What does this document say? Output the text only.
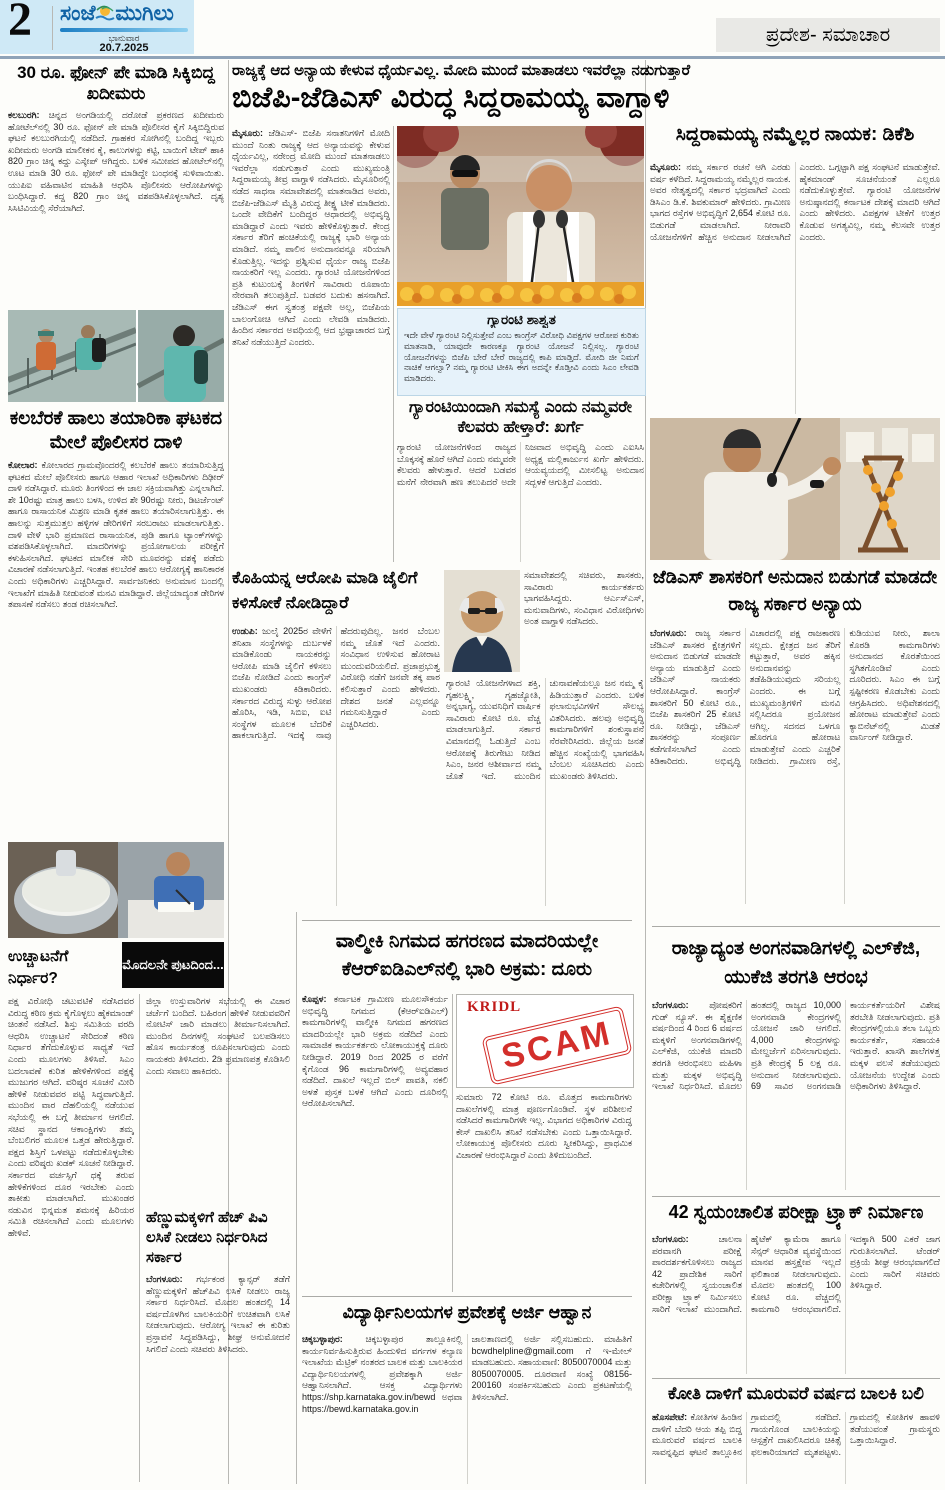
2 ಸಂಜೆ ಮುಗಿಲು
ಭಾನುವಾರ
20.7.2025
ಪ್ರದೇಶ- ಸಮಾಚಾರ
30 ರೂ. ಫೋನ್ ಪೇ ಮಾಡಿ ಸಿಕ್ಕಿಬಿದ್ದ ಖದೀಮರು
ಕಲಬುರಗಿ: ಚಿನ್ನದ ಅಂಗಡಿಯಲ್ಲಿ ದರೋಡೆ ಪ್ರಕರಣದ ಖದೀಮರು ಹೋಟೆಲ್‌ನಲ್ಲಿ 30 ರೂ. ಫೋನ್ ಪೇ ಮಾಡಿ ಪೊಲೀಸರ ಕೈಗೆ ಸಿಕ್ಕಿಬಿದ್ದಿರುವ ಘಟನೆ ಕಲಬುರಗಿಯಲ್ಲಿ ನಡೆದಿದೆ. ಗ್ರಾಹಕರ ಸೋಗಿನಲ್ಲಿ ಬಂದಿದ್ದ ಇಬ್ಬರು ಖದೀಮರು ಅಂಗಡಿ ಮಾಲೀಕನ ಕೈ, ಕಾಲುಗಳನ್ನು ಕಟ್ಟಿ, ಬಾಯಿಗೆ ಟೇಪ್ ಹಾಕಿ 820 ಗ್ರಾಂ ಚಿನ್ನ ಕದ್ದು ಎಸ್ಕೇಪ್ ಆಗಿದ್ದರು. ಬಳಿಕ ಸಮೀಪದ ಹೋಟೆಲ್‌ನಲ್ಲಿ ಊಟ ಮಾಡಿ 30 ರೂ. ಫೋನ್ ಪೇ ಮಾಡಿದ್ದೇ ಬಂಧನಕ್ಕೆ ಸುಳಿವಾಯಿತು. ಯುಪಿಐ ವಹಿವಾಟಿನ ಮಾಹಿತಿ ಆಧರಿಸಿ ಪೊಲೀಸರು ಆರೋಪಿಗಳನ್ನು ಬಂಧಿಸಿದ್ದಾರೆ. ಕದ್ದ 820 ಗ್ರಾಂ ಚಿನ್ನ ವಶಪಡಿಸಿಕೊಳ್ಳಲಾಗಿದೆ. ದೃಶ್ಯ ಸಿಸಿಟಿವಿಯಲ್ಲಿ ಸೆರೆಯಾಗಿದೆ.
ಕಲಬೆರಕೆ ಹಾಲು ತಯಾರಿಕಾ ಘಟಕದ ಮೇಲೆ ಪೊಲೀಸರ ದಾಳಿ
ಕೋಲಾರ: ಕೋಲಾರದ ಗ್ರಾಮವೊಂದರಲ್ಲಿ ಕಲಬೆರಕೆ ಹಾಲು ತಯಾರಿಸುತ್ತಿದ್ದ ಘಟಕದ ಮೇಲೆ ಪೊಲೀಸರು ಹಾಗೂ ಆಹಾರ ಇಲಾಖೆ ಅಧಿಕಾರಿಗಳು ದಿಢೀರ್ ದಾಳಿ ನಡೆಸಿದ್ದಾರೆ. ಮೂರು ತಿಂಗಳಿಂದ ಈ ಜಾಲ ಸಕ್ರಿಯವಾಗಿತ್ತು ಎನ್ನಲಾಗಿದೆ. ಶೇ 10ರಷ್ಟು ಮಾತ್ರ ಹಾಲು ಬಳಸಿ, ಉಳಿದ ಶೇ 90ರಷ್ಟು ನೀರು, ಡಿಟರ್ಜೆಂಟ್ ಹಾಗೂ ರಾಸಾಯನಿಕ ಮಿಶ್ರಣ ಮಾಡಿ ಕೃತಕ ಹಾಲು ತಯಾರಿಸಲಾಗುತ್ತಿತ್ತು. ಈ ಹಾಲನ್ನು ಸುತ್ತಮುತ್ತಲ ಹಳ್ಳಿಗಳ ಡೇರಿಗಳಿಗೆ ಸರಬರಾಜು ಮಾಡಲಾಗುತ್ತಿತ್ತು. ದಾಳಿ ವೇಳೆ ಭಾರಿ ಪ್ರಮಾಣದ ರಾಸಾಯನಿಕ, ಪುಡಿ ಹಾಗೂ ಟ್ಯಾಂಕ್‌ಗಳನ್ನು ವಶಪಡಿಸಿಕೊಳ್ಳಲಾಗಿದೆ. ಮಾದರಿಗಳನ್ನು ಪ್ರಯೋಗಾಲಯ ಪರೀಕ್ಷೆಗೆ ಕಳುಹಿಸಲಾಗಿದೆ. ಘಟಕದ ಮಾಲೀಕ ಸೇರಿ ಮೂವರನ್ನು ವಶಕ್ಕೆ ಪಡೆದು ವಿಚಾರಣೆ ನಡೆಸಲಾಗುತ್ತಿದೆ. ಇಂತಹ ಕಲಬೆರಕೆ ಹಾಲು ಆರೋಗ್ಯಕ್ಕೆ ಹಾನಿಕಾರಕ ಎಂದು ಅಧಿಕಾರಿಗಳು ಎಚ್ಚರಿಸಿದ್ದಾರೆ. ಸಾರ್ವಜನಿಕರು ಅನುಮಾನ ಬಂದಲ್ಲಿ ಇಲಾಖೆಗೆ ಮಾಹಿತಿ ನೀಡುವಂತೆ ಮನವಿ ಮಾಡಿದ್ದಾರೆ. ಜಿಲ್ಲೆಯಾದ್ಯಂತ ಡೇರಿಗಳ ತಪಾಸಣೆ ನಡೆಸಲು ತಂಡ ರಚಿಸಲಾಗಿದೆ.
ಉಚ್ಚಾಟನೆಗೆ ನಿರ್ಧಾರ?
ಮೊದಲನೇ ಪುಟದಿಂದ...
ಪಕ್ಷ ವಿರೋಧಿ ಚಟುವಟಿಕೆ ನಡೆಸಿದವರ ವಿರುದ್ಧ ಕಠಿಣ ಕ್ರಮ ಕೈಗೊಳ್ಳಲು ಹೈಕಮಾಂಡ್ ಚಿಂತನೆ ನಡೆಸಿದೆ. ಶಿಸ್ತು ಸಮಿತಿಯ ವರದಿ ಆಧರಿಸಿ ಉಚ್ಚಾಟನೆ ಸೇರಿದಂತೆ ಕಠಿಣ ನಿರ್ಧಾರ ತೆಗೆದುಕೊಳ್ಳುವ ಸಾಧ್ಯತೆ ಇದೆ ಎಂದು ಮೂಲಗಳು ತಿಳಿಸಿವೆ. ಸಿಎಂ ಬದಲಾವಣೆ ಕುರಿತ ಹೇಳಿಕೆಗಳಿಂದ ಪಕ್ಷಕ್ಕೆ ಮುಜುಗರ ಆಗಿದೆ. ವರಿಷ್ಠರ ಸೂಚನೆ ಮೀರಿ ಹೇಳಿಕೆ ನೀಡುವವರ ಪಟ್ಟಿ ಸಿದ್ಧವಾಗುತ್ತಿದೆ. ಮುಂದಿನ ವಾರ ದೆಹಲಿಯಲ್ಲಿ ನಡೆಯುವ ಸಭೆಯಲ್ಲಿ ಈ ಬಗ್ಗೆ ತೀರ್ಮಾನ ಆಗಲಿದೆ. ಸಚಿವ ಸ್ಥಾನದ ಆಕಾಂಕ್ಷಿಗಳು ತಮ್ಮ ಬೆಂಬಲಿಗರ ಮೂಲಕ ಒತ್ತಡ ಹೇರುತ್ತಿದ್ದಾರೆ. ಪಕ್ಷದ ಶಿಸ್ತಿಗೆ ಒಳಪಟ್ಟು ನಡೆದುಕೊಳ್ಳಬೇಕು ಎಂದು ವರಿಷ್ಠರು ಖಡಕ್ ಸೂಚನೆ ನೀಡಿದ್ದಾರೆ. ಸರ್ಕಾರದ ವರ್ಚಸ್ಸಿಗೆ ಧಕ್ಕೆ ತರುವ ಹೇಳಿಕೆಗಳಿಂದ ದೂರ ಇರಬೇಕು ಎಂದು ತಾಕೀತು ಮಾಡಲಾಗಿದೆ. ಮುಖಂಡರ ನಡುವಿನ ಭಿನ್ನಮತ ಶಮನಕ್ಕೆ ಹಿರಿಯರ ಸಮಿತಿ ರಚಿಸಲಾಗಿದೆ ಎಂದು ಮೂಲಗಳು ಹೇಳಿವೆ.
ಜಿಲ್ಲಾ ಉಸ್ತುವಾರಿಗಳ ಸಭೆಯಲ್ಲಿ ಈ ವಿಚಾರ ಚರ್ಚೆಗೆ ಬಂದಿದೆ. ಬಹಿರಂಗ ಹೇಳಿಕೆ ನೀಡುವವರಿಗೆ ನೋಟಿಸ್ ಜಾರಿ ಮಾಡಲು ತೀರ್ಮಾನಿಸಲಾಗಿದೆ. ಮುಂದಿನ ದಿನಗಳಲ್ಲಿ ಸಂಘಟನೆ ಬಲಪಡಿಸಲು ಹೊಸ ಕಾರ್ಯತಂತ್ರ ರೂಪಿಸಲಾಗುವುದು ಎಂದು ನಾಯಕರು ತಿಳಿಸಿದರು. 2ಡಿ ಪ್ರಮಾಣಪತ್ರ ಕೊಡಿಸಿಲಿ ಎಂದು ಸವಾಲು ಹಾಕಿದರು.
ಹೆಣ್ಣುಮಕ್ಕಳಿಗೆ ಹೆಚ್ ಪಿವಿ ಲಸಿಕೆ ನೀಡಲು ನಿರ್ಧರಿಸಿದ ಸರ್ಕಾರ
ಬೆಂಗಳೂರು: ಗರ್ಭಕಂಠ ಕ್ಯಾನ್ಸರ್ ತಡೆಗೆ ಹೆಣ್ಣುಮಕ್ಕಳಿಗೆ ಹೆಚ್‌ಪಿವಿ ಲಸಿಕೆ ನೀಡಲು ರಾಜ್ಯ ಸರ್ಕಾರ ನಿರ್ಧರಿಸಿದೆ. ಮೊದಲ ಹಂತದಲ್ಲಿ 14 ವರ್ಷದೊಳಗಿನ ಬಾಲಕಿಯರಿಗೆ ಉಚಿತವಾಗಿ ಲಸಿಕೆ ನೀಡಲಾಗುವುದು. ಆರೋಗ್ಯ ಇಲಾಖೆ ಈ ಕುರಿತು ಪ್ರಸ್ತಾವನೆ ಸಿದ್ಧಪಡಿಸಿದ್ದು, ಶೀಘ್ರ ಅನುಮೋದನೆ ಸಿಗಲಿದೆ ಎಂದು ಸಚಿವರು ತಿಳಿಸಿದರು.
ರಾಜ್ಯಕ್ಕೆ ಆದ ಅನ್ಯಾಯ ಕೇಳುವ ಧೈರ್ಯವಿಲ್ಲ. ಮೋದಿ ಮುಂದೆ ಮಾತಾಡಲು ಇವರೆಲ್ಲಾ ನಡುಗುತ್ತಾರೆ
ಬಿಜೆಪಿ-ಜೆಡಿಎಸ್ ವಿರುದ್ಧ ಸಿದ್ದರಾಮಯ್ಯ ವಾಗ್ದಾಳಿ
ಮೈಸೂರು: ಜೆಡಿಎಸ್- ಬಿಜೆಪಿ ಸನಾತನಿಗಳಿಗೆ ಮೋದಿ ಮುಂದೆ ನಿಂತು ರಾಜ್ಯಕ್ಕೆ ಆದ ಅನ್ಯಾಯವನ್ನು ಕೇಳುವ ಧೈರ್ಯವಿಲ್ಲ, ನರೇಂದ್ರ ಮೋದಿ ಮುಂದೆ ಮಾತನಾಡಲು ಇವರೆಲ್ಲಾ ನಡುಗುತ್ತಾರೆ ಎಂದು ಮುಖ್ಯಮಂತ್ರಿ ಸಿದ್ದರಾಮಯ್ಯ ತೀವ್ರ ವಾಗ್ದಾಳಿ ನಡೆಸಿದರು. ಮೈಸೂರಿನಲ್ಲಿ ನಡೆದ ಸಾಧನಾ ಸಮಾವೇಶದಲ್ಲಿ ಮಾತನಾಡಿದ ಅವರು, ಬಿಜೆಪಿ-ಜೆಡಿಎಸ್ ಮೈತ್ರಿ ವಿರುದ್ಧ ತೀಕ್ಷ್ಣ ಟೀಕೆ ಮಾಡಿದರು. ಒಂದೇ ವೇದಿಕೆಗೆ ಬಂದಿದ್ದರ ಆಧಾರದಲ್ಲಿ ಅಭಿವೃದ್ಧಿ ಮಾಡಿದ್ದಾರೆ ಎಂದು ಇವರು ಹೇಳಿಕೊಳ್ಳುತ್ತಾರೆ. ಕೇಂದ್ರ ಸರ್ಕಾರ ತೆರಿಗೆ ಹಂಚಿಕೆಯಲ್ಲಿ ರಾಜ್ಯಕ್ಕೆ ಭಾರಿ ಅನ್ಯಾಯ ಮಾಡಿದೆ. ನಮ್ಮ ಪಾಲಿನ ಅನುದಾನವನ್ನೂ ಸರಿಯಾಗಿ ಕೊಡುತ್ತಿಲ್ಲ. ಇದನ್ನು ಪ್ರಶ್ನಿಸುವ ಧೈರ್ಯ ರಾಜ್ಯ ಬಿಜೆಪಿ ನಾಯಕರಿಗೆ ಇಲ್ಲ ಎಂದರು. ಗ್ಯಾರಂಟಿ ಯೋಜನೆಗಳಿಂದ ಪ್ರತಿ ಕುಟುಂಬಕ್ಕೆ ತಿಂಗಳಿಗೆ ಸಾವಿರಾರು ರೂಪಾಯಿ ನೇರವಾಗಿ ತಲುಪುತ್ತಿದೆ. ಬಡವರ ಬದುಕು ಹಸನಾಗಿದೆ. ಜೆಡಿಎಸ್ ಈಗ ಸ್ವತಂತ್ರ ಪಕ್ಷವೇ ಅಲ್ಲ, ಬಿಜೆಪಿಯ ಬಾಲಂಗೋಚಿ ಆಗಿದೆ ಎಂದು ಲೇವಡಿ ಮಾಡಿದರು. ಹಿಂದಿನ ಸರ್ಕಾರದ ಅವಧಿಯಲ್ಲಿ ಆದ ಭ್ರಷ್ಟಾಚಾರದ ಬಗ್ಗೆ ತನಿಖೆ ನಡೆಯುತ್ತಿದೆ ಎಂದರು.
ಗ್ಯಾರಂಟಿ ಶಾಶ್ವತ
ಇದೇ ವೇಳೆ ಗ್ಯಾರಂಟಿ ನಿಲ್ಲಿಸುತ್ತೇವೆ ಎಂಬ ಕಾಂಗ್ರೆಸ್ ವಿರೋಧಿ ವಿಪಕ್ಷಗಳ ಆರೋಪ ಕುರಿತು ಮಾತನಾಡಿ, ಯಾವುದೇ ಕಾರಣಕ್ಕೂ ಗ್ಯಾರಂಟಿ ಯೋಜನೆ ನಿಲ್ಲಿಸಲ್ಲ. ಗ್ಯಾರಂಟಿ ಯೋಜನೆಗಳನ್ನು ಬಿಜೆಪಿ ಬೇರೆ ಬೇರೆ ರಾಜ್ಯದಲ್ಲಿ ಕಾಪಿ ಮಾಡ್ತಿದೆ. ಮೋದಿ ಜೀ ನಿಮಗೆ ನಾಚಿಕೆ ಆಗಲ್ವಾ? ನಮ್ಮ ಗ್ಯಾರಂಟಿ ಟೀಕಿಸಿ ಈಗ ಅದನ್ನೇ ಕೊಡ್ತೀವಿ ಎಂದು ಸಿಎಂ ಲೇವಡಿ ಮಾಡಿದರು.
ಗ್ಯಾರಂಟಿಯಿಂದಾಗಿ ಸಮಸ್ಯೆ ಎಂದು ನಮ್ಮವರೇ ಕೆಲವರು ಹೇಳ್ತಾರೆ: ಖರ್ಗೆ
ಗ್ಯಾರಂಟಿ ಯೋಜನೆಗಳಿಂದ ರಾಜ್ಯದ ಬೊಕ್ಕಸಕ್ಕೆ ಹೊರೆ ಆಗಿದೆ ಎಂದು ನಮ್ಮವರೇ ಕೆಲವರು ಹೇಳುತ್ತಾರೆ. ಆದರೆ ಬಡವರ ಮನೆಗೆ ನೇರವಾಗಿ ಹಣ ತಲುಪಿದರೆ ಅದೇ ನಿಜವಾದ ಅಭಿವೃದ್ಧಿ ಎಂದು ಎಐಸಿಸಿ ಅಧ್ಯಕ್ಷ ಮಲ್ಲಿಕಾರ್ಜುನ ಖರ್ಗೆ ಹೇಳಿದರು. ಆಯವ್ಯಯದಲ್ಲಿ ಮೀಸಲಿಟ್ಟ ಅನುದಾನ ಸದ್ಬಳಕೆ ಆಗುತ್ತಿದೆ ಎಂದರು.
ಕೊಹಿಯನ್ನ ಆರೋಪಿ ಮಾಡಿ ಜೈಲಿಗೆ ಕಳಿಸೋಕೆ ನೋಡಿದ್ದಾರೆ
ಸಮಾವೇಶದಲ್ಲಿ ಸಚಿವರು, ಶಾಸಕರು, ಸಾವಿರಾರು ಕಾರ್ಯಕರ್ತರು ಭಾಗವಹಿಸಿದ್ದರು. ಆರ್ಎಸ್ಎಸ್, ಮನುವಾದಿಗಳು, ಸಂವಿಧಾನ ವಿರೋಧಿಗಳು ಅಂತ ವಾಗ್ದಾಳಿ ನಡೆಸಿದರು.
ಉಡುಪಿ: ಜುಲೈ 2025ರ ವೇಳೆಗೆ ತನಿಖಾ ಸಂಸ್ಥೆಗಳನ್ನು ದುರ್ಬಳಕೆ ಮಾಡಿಕೊಂಡು ನಾಯಕರನ್ನು ಆರೋಪಿ ಮಾಡಿ ಜೈಲಿಗೆ ಕಳಿಸಲು ಬಿಜೆಪಿ ನೋಡಿದೆ ಎಂದು ಕಾಂಗ್ರೆಸ್ ಮುಖಂಡರು ಕಿಡಿಕಾರಿದರು. ಸರ್ಕಾರದ ವಿರುದ್ಧ ಸುಳ್ಳು ಆರೋಪ ಹೊರಿಸಿ, ಇಡಿ, ಸಿಬಿಐ, ಐಟಿ ಸಂಸ್ಥೆಗಳ ಮೂಲಕ ಬೆದರಿಕೆ ಹಾಕಲಾಗುತ್ತಿದೆ. ಇದಕ್ಕೆ ನಾವು ಹೆದರುವುದಿಲ್ಲ. ಜನರ ಬೆಂಬಲ ನಮ್ಮ ಜೊತೆ ಇದೆ ಎಂದರು. ಸಂವಿಧಾನ ಉಳಿಸುವ ಹೋರಾಟ ಮುಂದುವರಿಯಲಿದೆ. ಪ್ರಜಾಪ್ರಭುತ್ವ ವಿರೋಧಿ ನಡೆಗೆ ಜನವೇ ತಕ್ಕ ಪಾಠ ಕಲಿಸುತ್ತಾರೆ ಎಂದು ಹೇಳಿದರು. ದೇಶದ ಜನತೆ ಎಲ್ಲವನ್ನೂ ಗಮನಿಸುತ್ತಿದ್ದಾರೆ ಎಂದು ಎಚ್ಚರಿಸಿದರು.
ಗ್ಯಾರಂಟಿ ಯೋಜನೆಗಳಾದ ಶಕ್ತಿ, ಗೃಹಲಕ್ಷ್ಮಿ, ಗೃಹಜ್ಯೋತಿ, ಅನ್ನಭಾಗ್ಯ, ಯುವನಿಧಿಗೆ ವಾರ್ಷಿಕ ಸಾವಿರಾರು ಕೋಟಿ ರೂ. ವೆಚ್ಚ ಮಾಡಲಾಗುತ್ತಿದೆ. ಸರ್ಕಾರ ವಿಮಾನದಲ್ಲಿ ಓಡುತ್ತಿದೆ ಎಂಬ ಆರೋಪಕ್ಕೆ ತಿರುಗೇಟು ನೀಡಿದ ಸಿಎಂ, ಜನರ ಆಶೀರ್ವಾದ ನಮ್ಮ ಜೊತೆ ಇದೆ. ಮುಂದಿನ ಚುನಾವಣೆಯಲ್ಲೂ ಜನ ನಮ್ಮ ಕೈ ಹಿಡಿಯುತ್ತಾರೆ ಎಂದರು. ಬಳಿಕ ಫಲಾನುಭವಿಗಳಿಗೆ ಸೌಲಭ್ಯ ವಿತರಿಸಿದರು. ಹಲವು ಅಭಿವೃದ್ಧಿ ಕಾಮಗಾರಿಗಳಿಗೆ ಶಂಕುಸ್ಥಾಪನೆ ನೆರವೇರಿಸಿದರು. ಜಿಲ್ಲೆಯ ಜನತೆ ಹೆಚ್ಚಿನ ಸಂಖ್ಯೆಯಲ್ಲಿ ಭಾಗವಹಿಸಿ ಬೆಂಬಲ ಸೂಚಿಸಿದರು ಎಂದು ಮುಖಂಡರು ತಿಳಿಸಿದರು.
ಸಿದ್ದರಾಮಯ್ಯ ನಮ್ಮೆಲ್ಲರ ನಾಯಕ: ಡಿಕೆಶಿ
ಮೈಸೂರು: ನಮ್ಮ ಸರ್ಕಾರ ರಚನೆ ಆಗಿ ಎರಡು ವರ್ಷ ಕಳೆದಿದೆ. ಸಿದ್ದರಾಮಯ್ಯ ನಮ್ಮೆಲ್ಲರ ನಾಯಕ. ಅವರ ನೇತೃತ್ವದಲ್ಲಿ ಸರ್ಕಾರ ಭದ್ರವಾಗಿದೆ ಎಂದು ಡಿಸಿಎಂ ಡಿ.ಕೆ. ಶಿವಕುಮಾರ್ ಹೇಳಿದರು. ಗ್ರಾಮೀಣ ಭಾಗದ ರಸ್ತೆಗಳ ಅಭಿವೃದ್ಧಿಗೆ 2,654 ಕೋಟಿ ರೂ. ಬಿಡುಗಡೆ ಮಾಡಲಾಗಿದೆ. ನೀರಾವರಿ ಯೋಜನೆಗಳಿಗೆ ಹೆಚ್ಚಿನ ಅನುದಾನ ನೀಡಲಾಗಿದೆ ಎಂದರು. ಒಗ್ಗಟ್ಟಾಗಿ ಪಕ್ಷ ಸಂಘಟನೆ ಮಾಡುತ್ತೇವೆ. ಹೈಕಮಾಂಡ್ ಸೂಚನೆಯಂತೆ ಎಲ್ಲರೂ ನಡೆದುಕೊಳ್ಳುತ್ತೇವೆ. ಗ್ಯಾರಂಟಿ ಯೋಜನೆಗಳ ಅನುಷ್ಠಾನದಲ್ಲಿ ಕರ್ನಾಟಕ ದೇಶಕ್ಕೆ ಮಾದರಿ ಆಗಿದೆ ಎಂದು ಹೇಳಿದರು. ವಿಪಕ್ಷಗಳ ಟೀಕೆಗೆ ಉತ್ತರ ಕೊಡುವ ಅಗತ್ಯವಿಲ್ಲ, ನಮ್ಮ ಕೆಲಸವೇ ಉತ್ತರ ಎಂದರು.
ಜೆಡಿಎಸ್ ಶಾಸಕರಿಗೆ ಅನುದಾನ ಬಿಡುಗಡೆ ಮಾಡದೇ ರಾಜ್ಯ ಸರ್ಕಾರ ಅನ್ಯಾಯ
ಬೆಂಗಳೂರು: ರಾಜ್ಯ ಸರ್ಕಾರ ಜೆಡಿಎಸ್ ಶಾಸಕರ ಕ್ಷೇತ್ರಗಳಿಗೆ ಅನುದಾನ ಬಿಡುಗಡೆ ಮಾಡದೇ ಅನ್ಯಾಯ ಮಾಡುತ್ತಿದೆ ಎಂದು ಜೆಡಿಎಸ್ ನಾಯಕರು ಆರೋಪಿಸಿದ್ದಾರೆ. ಕಾಂಗ್ರೆಸ್ ಶಾಸಕರಿಗೆ 50 ಕೋಟಿ ರೂ., ಬಿಜೆಪಿ ಶಾಸಕರಿಗೆ 25 ಕೋಟಿ ರೂ. ನೀಡಿದ್ದು, ಜೆಡಿಎಸ್ ಶಾಸಕರನ್ನು ಸಂಪೂರ್ಣ ಕಡೆಗಣಿಸಲಾಗಿದೆ ಎಂದು ಕಿಡಿಕಾರಿದರು. ಅಭಿವೃದ್ಧಿ ವಿಚಾರದಲ್ಲಿ ಪಕ್ಷ ರಾಜಕಾರಣ ಸಲ್ಲದು. ಕ್ಷೇತ್ರದ ಜನ ತೆರಿಗೆ ಕಟ್ಟುತ್ತಾರೆ, ಅವರ ಹಕ್ಕಿನ ಅನುದಾನವನ್ನು ತಡೆಹಿಡಿಯುವುದು ಸರಿಯಲ್ಲ ಎಂದರು. ಈ ಬಗ್ಗೆ ಮುಖ್ಯಮಂತ್ರಿಗಳಿಗೆ ಮನವಿ ಸಲ್ಲಿಸಿದರೂ ಪ್ರಯೋಜನ ಆಗಿಲ್ಲ. ಸದನದ ಒಳಗೂ ಹೊರಗೂ ಹೋರಾಟ ಮಾಡುತ್ತೇವೆ ಎಂದು ಎಚ್ಚರಿಕೆ ನೀಡಿದರು. ಗ್ರಾಮೀಣ ರಸ್ತೆ, ಕುಡಿಯುವ ನೀರು, ಶಾಲಾ ಕೊಠಡಿ ಕಾಮಗಾರಿಗಳು ಅನುದಾನದ ಕೊರತೆಯಿಂದ ಸ್ಥಗಿತಗೊಂಡಿವೆ ಎಂದು ದೂರಿದರು. ಸಿಎಂ ಈ ಬಗ್ಗೆ ಸ್ಪಷ್ಟೀಕರಣ ಕೊಡಬೇಕು ಎಂದು ಆಗ್ರಹಿಸಿದರು. ಅಧಿವೇಶನದಲ್ಲಿ ಹೋರಾಟ ಮಾಡುತ್ತೇವೆ ಎಂದು ಕ್ಯಾಬಿನೆಟ್‌ನಲ್ಲಿ ಮಿಡತೆ ವಾರ್ನಿಂಗ್ ನೀಡಿದ್ದಾರೆ.
ವಾಲ್ಮೀಕಿ ನಿಗಮದ ಹಗರಣದ ಮಾದರಿಯಲ್ಲೇ ಕೆಆರ್‌ಐಡಿಎಲ್‌ನಲ್ಲಿ ಭಾರಿ ಅಕ್ರಮ: ದೂರು
ಕೊಪ್ಪಳ: ಕರ್ನಾಟಕ ಗ್ರಾಮೀಣ ಮೂಲಸೌಕರ್ಯ ಅಭಿವೃದ್ಧಿ ನಿಗಮದ (ಕೆಆರ್‌ಐಡಿಎಲ್) ಕಾಮಗಾರಿಗಳಲ್ಲಿ ವಾಲ್ಮೀಕಿ ನಿಗಮದ ಹಗರಣದ ಮಾದರಿಯಲ್ಲೇ ಭಾರಿ ಅಕ್ರಮ ನಡೆದಿದೆ ಎಂದು ಸಾಮಾಜಿಕ ಕಾರ್ಯಕರ್ತರು ಲೋಕಾಯುಕ್ತಕ್ಕೆ ದೂರು ನೀಡಿದ್ದಾರೆ. 2019 ರಿಂದ 2025 ರ ವರೆಗೆ ಕೈಗೊಂಡ 96 ಕಾಮಗಾರಿಗಳಲ್ಲಿ ಅವ್ಯವಹಾರ ನಡೆದಿದೆ. ದಾಖಲೆ ಇಲ್ಲದೆ ಬಿಲ್ ಪಾವತಿ, ನಕಲಿ ಅಳತೆ ಪುಸ್ತಕ ಬಳಕೆ ಆಗಿದೆ ಎಂದು ದೂರಿನಲ್ಲಿ ಆರೋಪಿಸಲಾಗಿದೆ.
KRIDL
SCAM
ಸುಮಾರು 72 ಕೋಟಿ ರೂ. ಮೊತ್ತದ ಕಾಮಗಾರಿಗಳು ದಾಖಲೆಗಳಲ್ಲಿ ಮಾತ್ರ ಪೂರ್ಣಗೊಂಡಿವೆ. ಸ್ಥಳ ಪರಿಶೀಲನೆ ನಡೆಸಿದರೆ ಕಾಮಗಾರಿಗಳೇ ಇಲ್ಲ. ವಿಭಾಗದ ಅಧಿಕಾರಿಗಳ ವಿರುದ್ಧ ಕೇಸ್ ದಾಖಲಿಸಿ ತನಿಖೆ ನಡೆಸಬೇಕು ಎಂದು ಒತ್ತಾಯಿಸಿದ್ದಾರೆ. ಲೋಕಾಯುಕ್ತ ಪೊಲೀಸರು ದೂರು ಸ್ವೀಕರಿಸಿದ್ದು, ಪ್ರಾಥಮಿಕ ವಿಚಾರಣೆ ಆರಂಭಿಸಿದ್ದಾರೆ ಎಂದು ತಿಳಿದುಬಂದಿದೆ.
ವಿದ್ಯಾರ್ಥಿನಿಲಯಗಳ ಪ್ರವೇಶಕ್ಕೆ ಅರ್ಜಿ ಆಹ್ವಾನ
ಚಿಕ್ಕಬಳ್ಳಾಪುರ: ಚಿಕ್ಕಬಳ್ಳಾಪುರ ತಾಲ್ಲೂಕಿನಲ್ಲಿ ಕಾರ್ಯನಿರ್ವಹಿಸುತ್ತಿರುವ ಹಿಂದುಳಿದ ವರ್ಗಗಳ ಕಲ್ಯಾಣ ಇಲಾಖೆಯ ಮೆಟ್ರಿಕ್ ನಂತರದ ಬಾಲಕ ಮತ್ತು ಬಾಲಕಿಯರ ವಿದ್ಯಾರ್ಥಿನಿಲಯಗಳಲ್ಲಿ ಪ್ರವೇಶಕ್ಕಾಗಿ ಅರ್ಜಿ ಆಹ್ವಾನಿಸಲಾಗಿದೆ. ಆಸಕ್ತ ವಿದ್ಯಾರ್ಥಿಗಳು https://shp.karnataka.gov.in/bewd ಅಥವಾ https://bewd.karnataka.gov.in ಜಾಲತಾಣದಲ್ಲಿ ಅರ್ಜಿ ಸಲ್ಲಿಸಬಹುದು. ಮಾಹಿತಿಗೆ bcwdhelpline@gmail.com ಗೆ ಇ-ಮೇಲ್ ಮಾಡಬಹುದು. ಸಹಾಯವಾಣಿ: 8050070004 ಮತ್ತು 8050070005. ದೂರವಾಣಿ ಸಂಖ್ಯೆ 08156-200160 ಸಂಪರ್ಕಿಸಬಹುದು ಎಂದು ಪ್ರಕಟಣೆಯಲ್ಲಿ ತಿಳಿಸಲಾಗಿದೆ.
ರಾಜ್ಯಾದ್ಯಂತ ಅಂಗನವಾಡಿಗಳಲ್ಲಿ ಎಲ್‌ಕೆಜಿ, ಯುಕೆಜಿ ತರಗತಿ ಆರಂಭ
ಬೆಂಗಳೂರು: ಪೋಷಕರಿಗೆ ಗುಡ್ ನ್ಯೂಸ್. ಈ ಶೈಕ್ಷಣಿಕ ವರ್ಷದಿಂದ 4 ರಿಂದ 6 ವರ್ಷದ ಮಕ್ಕಳಿಗೆ ಅಂಗನವಾಡಿಗಳಲ್ಲಿ ಎಲ್‌ಕೆಜಿ, ಯುಕೆಜಿ ಮಾದರಿ ತರಗತಿ ಆರಂಭಿಸಲು ಮಹಿಳಾ ಮತ್ತು ಮಕ್ಕಳ ಅಭಿವೃದ್ಧಿ ಇಲಾಖೆ ನಿರ್ಧರಿಸಿದೆ. ಮೊದಲ ಹಂತದಲ್ಲಿ ರಾಜ್ಯದ 10,000 ಅಂಗನವಾಡಿ ಕೇಂದ್ರಗಳಲ್ಲಿ ಯೋಜನೆ ಜಾರಿ ಆಗಲಿದೆ. 4,000 ಕೇಂದ್ರಗಳನ್ನು ಮೇಲ್ದರ್ಜೆಗೆ ಏರಿಸಲಾಗುವುದು. ಪ್ರತಿ ಕೇಂದ್ರಕ್ಕೆ 5 ಲಕ್ಷ ರೂ. ಅನುದಾನ ನೀಡಲಾಗುವುದು. 69 ಸಾವಿರ ಅಂಗನವಾಡಿ ಕಾರ್ಯಕರ್ತೆಯರಿಗೆ ವಿಶೇಷ ತರಬೇತಿ ನೀಡಲಾಗುವುದು. ಪ್ರತಿ ಕೇಂದ್ರಗಳಲ್ಲಿಯೂ ತಲಾ ಒಬ್ಬರು ಕಾರ್ಯಕರ್ತೆ, ಸಹಾಯಕಿ ಇರುತ್ತಾರೆ. ಖಾಸಗಿ ಶಾಲೆಗಳತ್ತ ಮಕ್ಕಳ ವಲಸೆ ತಡೆಯುವುದು ಯೋಜನೆಯ ಉದ್ದೇಶ ಎಂದು ಅಧಿಕಾರಿಗಳು ತಿಳಿಸಿದ್ದಾರೆ.
42 ಸ್ವಯಂಚಾಲಿತ ಪರೀಕ್ಷಾ ಟ್ರ್ಯಾಕ್ ನಿರ್ಮಾಣ
ಬೆಂಗಳೂರು: ಚಾಲನಾ ಪರವಾನಗಿ ಪರೀಕ್ಷೆ ಪಾರದರ್ಶಕಗೊಳಿಸಲು ರಾಜ್ಯದ 42 ಪ್ರಾದೇಶಿಕ ಸಾರಿಗೆ ಕಚೇರಿಗಳಲ್ಲಿ ಸ್ವಯಂಚಾಲಿತ ಪರೀಕ್ಷಾ ಟ್ರ್ಯಾಕ್ ನಿರ್ಮಿಸಲು ಸಾರಿಗೆ ಇಲಾಖೆ ಮುಂದಾಗಿದೆ. ಹೈಟೆಕ್ ಕ್ಯಾಮೆರಾ ಹಾಗೂ ಸೆನ್ಸರ್ ಆಧಾರಿತ ವ್ಯವಸ್ಥೆಯಿಂದ ಮಾನವ ಹಸ್ತಕ್ಷೇಪ ಇಲ್ಲದೆ ಫಲಿತಾಂಶ ನೀಡಲಾಗುವುದು. ಮೊದಲ ಹಂತದಲ್ಲಿ 100 ಕೋಟಿ ರೂ. ವೆಚ್ಚದಲ್ಲಿ ಕಾಮಗಾರಿ ಆರಂಭವಾಗಲಿದೆ. ಇದಕ್ಕಾಗಿ 500 ಎಕರೆ ಜಾಗ ಗುರುತಿಸಲಾಗಿದೆ. ಟೆಂಡರ್ ಪ್ರಕ್ರಿಯೆ ಶೀಘ್ರ ಆರಂಭವಾಗಲಿದೆ ಎಂದು ಸಾರಿಗೆ ಸಚಿವರು ತಿಳಿಸಿದ್ದಾರೆ.
ಕೋತಿ ದಾಳಿಗೆ ಮೂರುವರೆ ವರ್ಷದ ಬಾಲಕಿ ಬಲಿ
ಹೊಸಪೇಟೆ: ಕೋತಿಗಳ ಹಿಂಡಿನ ದಾಳಿಗೆ ಬೆದರಿ ಆಯ ತಪ್ಪಿ ಬಿದ್ದ ಮೂರುವರೆ ವರ್ಷದ ಬಾಲಕಿ ಸಾವನ್ನಪ್ಪಿದ ಘಟನೆ ತಾಲ್ಲೂಕಿನ ಗ್ರಾಮದಲ್ಲಿ ನಡೆದಿದೆ. ಗಾಯಗೊಂಡ ಬಾಲಕಿಯನ್ನು ಆಸ್ಪತ್ರೆಗೆ ದಾಖಲಿಸಿದರೂ ಚಿಕಿತ್ಸೆ ಫಲಕಾರಿಯಾಗದೆ ಮೃತಪಟ್ಟಳು. ಗ್ರಾಮದಲ್ಲಿ ಕೋತಿಗಳ ಹಾವಳಿ ತಡೆಯುವಂತೆ ಗ್ರಾಮಸ್ಥರು ಒತ್ತಾಯಿಸಿದ್ದಾರೆ.
